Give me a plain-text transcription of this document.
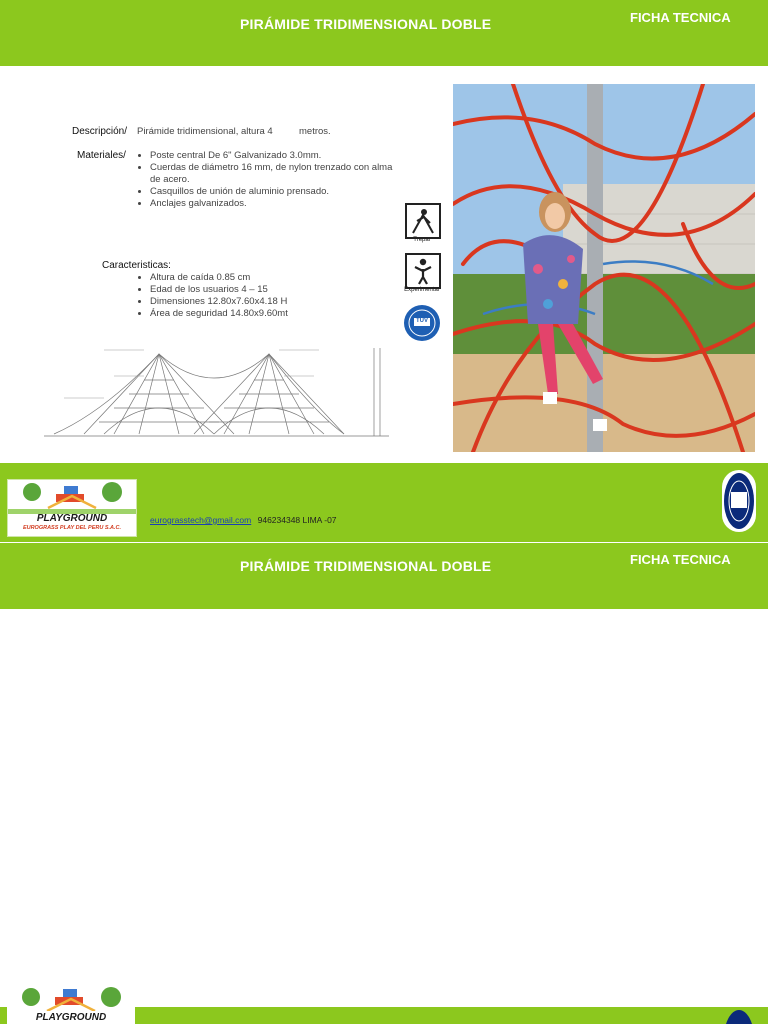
PIRÁMIDE TRIDIMENSIONAL DOBLE	FICHA TECNICA
Descripción/ Pirámide tridimensional, altura 4	metros.
Materiales/
•	Poste central De 6" Galvanizado 3.0mm.
• Cuerdas de diámetro 16 mm, de nylon trenzado con alma de acero.
• Casquillos de unión de aluminio prensado.
• Anclajes galvanizados.
Caracteristicas:
• Altura de caída 0.85 cm
• Edad de los usuarios 4 – 15
• Dimensiones 12.80x7.60x4.18 H
• Área de seguridad 14.80x9.60mt
Trepar
Experimentar
TÜV
PLAYGROUND
EUROGRASS PLAY DEL PERU S.A.C.
eurograsstech@gmail.com 946234348 LIMA -07
PIRÁMIDE TRIDIMENSIONAL DOBLE	FICHA TECNICA
PLAYGROUND
